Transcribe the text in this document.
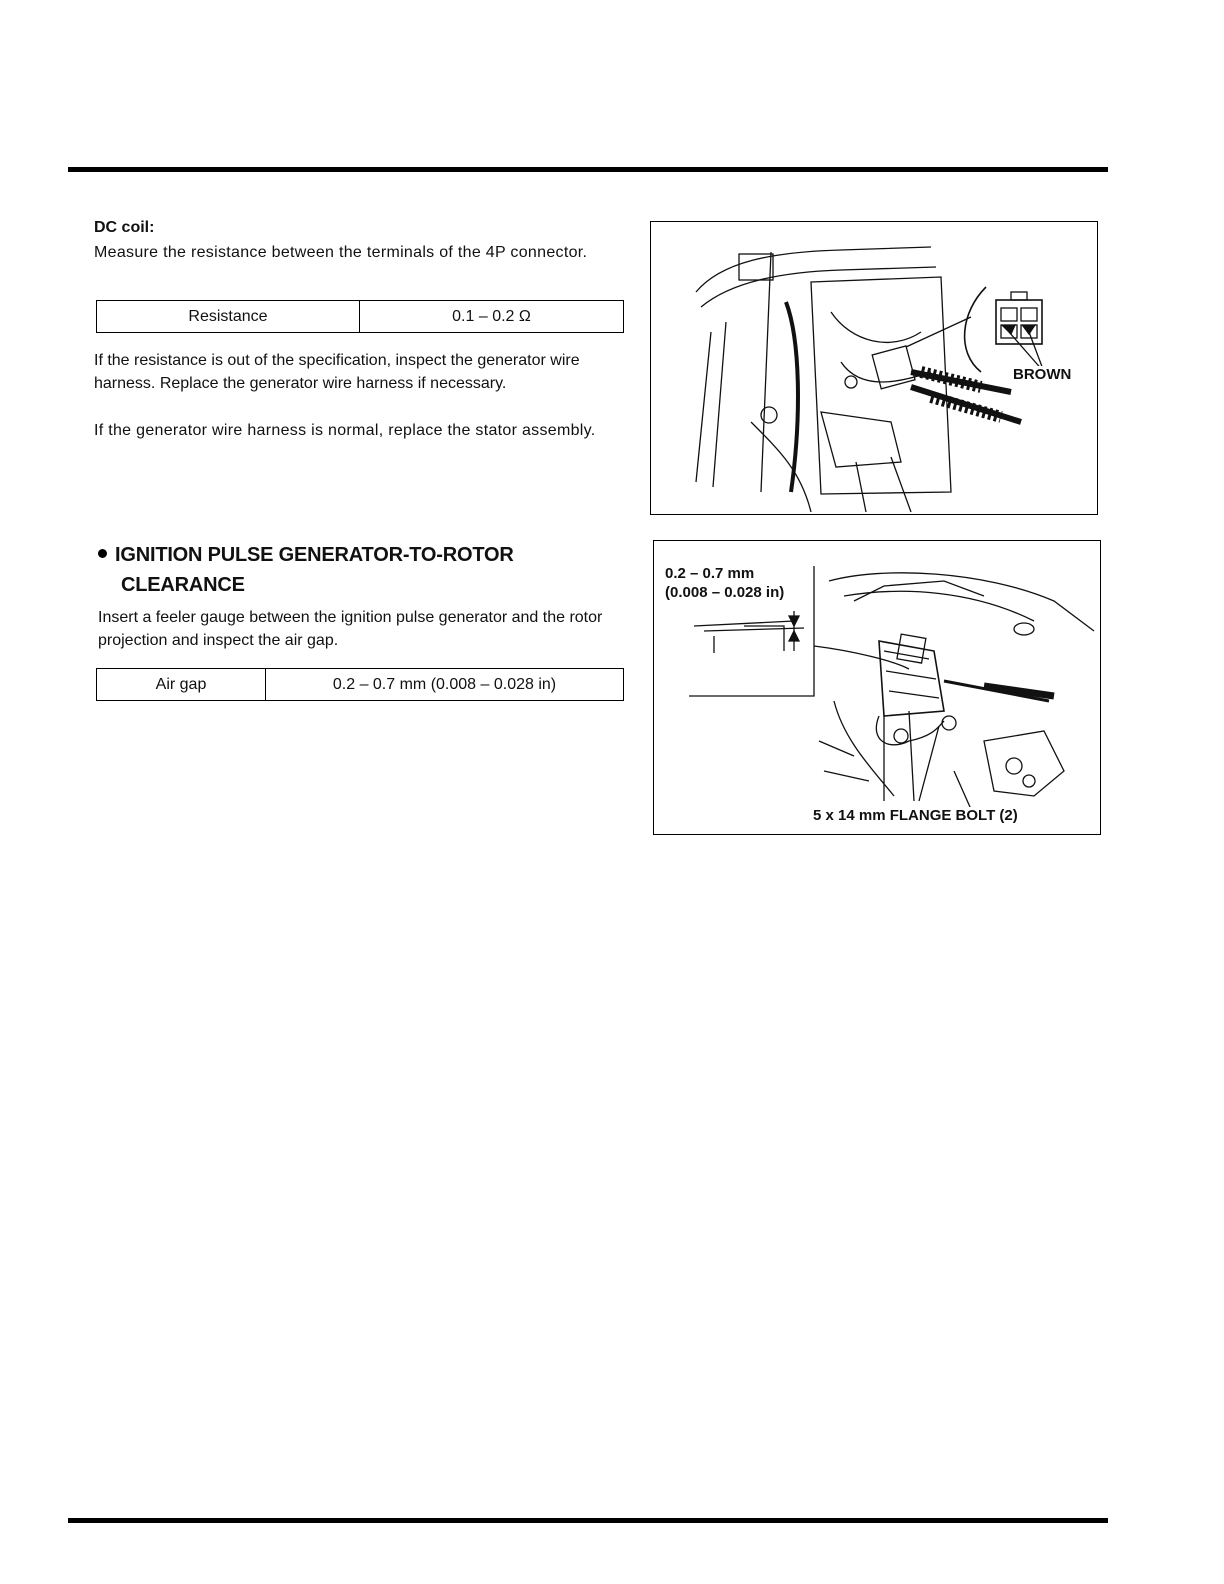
DC coil:

Measure the resistance between the terminals of the 4P connector.

Resistance	0.1 – 0.2 Ω

If the resistance is out of the specification, inspect the generator wire harness. Replace the generator wire harness if necessary.

If the generator wire harness is normal, replace the stator assembly.

BROWN
IGNITION PULSE GENERATOR-TO-ROTOR
CLEARANCE

Insert a feeler gauge between the ignition pulse generator and the rotor projection and inspect the air gap.

Air gap	0.2 – 0.7 mm (0.008 – 0.028 in)
0.2 – 0.7 mm
(0.008 – 0.028 in)
5 x 14 mm FLANGE BOLT (2)
